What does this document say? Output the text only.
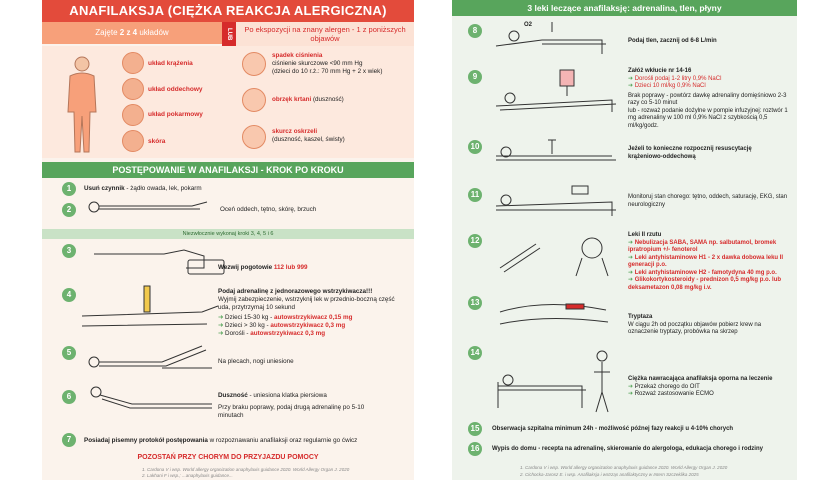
ANAFILAKSJA (CIĘŻKA REAKCJA ALERGICZNA)
Zajęte 2 z 4 układów	LUB	Po ekspozycji na znany alergen - 1 z poniższych objawów
układ krążenia
układ oddechowy
układ pokarmowy
skóra
spadek ciśnienia
ciśnienie skurczowe <90 mm Hg
(dzieci do 10 r.ż.: 70 mm Hg + 2 x wiek)
obrzęk krtani (duszność)
skurcz oskrzeli
(duszność, kaszel, świsty)
POSTĘPOWANIE W ANAFILAKSJI - KROK PO KROKU
1	Usuń czynnik - żądło owada, lek, pokarm
2	Oceń oddech, tętno, skórę, brzuch
Niezwłocznie wykonaj kroki 3, 4, 5 i 6
3
Wezwij pogotowie 112 lub 999
4	Podaj adrenalinę z jednorazowego wstrzykiwacza!!!
Wyjmij zabezpieczenie, wstrzyknij lek w przednio-boczną część uda, przytrzymaj 10 sekund
➜ Dzieci 15-30 kg - autowstrzykiwacz 0,15 mg
➜ Dzieci > 30 kg - autowstrzykiwacz 0,3 mg
➜ Dorośli - autowstrzykiwacz 0,3 mg
5
Na plecach, nogi uniesione
6	Duszność - uniesiona klatka piersiowa
Przy braku poprawy, podaj drugą adrenalinę po 5-10 minutach
7	Posiadaj pisemny protokół postępowania w rozpoznawaniu anafilaksji oraz regularnie go ćwicz
POZOSTAŃ PRZY CHORYM DO PRZYJAZDU POMOCY
1. Cardona V i wsp. World allergy organization anaphylaxis guidance 2020. World Allergy Organ J. 2020
2. Lakhani F i wsp.; ...anaphylaxis guidance...
3 leki leczące anafilaksję: adrenalina, tlen, płyny
8
O2
Podaj tlen, zacznij od 6-8 L/min
9
Załóż wkłucie nr 14-16
➜ Dorośli podaj 1-2 litry 0,9% NaCl
➜ Dzieci 10 ml/kg 0,9% NaCl
Brak poprawy - powtórz dawkę adrenaliny domięśniowo 2-3 razy co 5-10 minut
lub - rozważ podanie dożylne w pompie infuzyjnej: roztwór 1 mg adrenaliny w 100 ml 0,9% NaCl z szybkością 0,5 ml/kg/godz.
10	Jeżeli to konieczne rozpocznij resuscytację krążeniowo-oddechową
11	Monitoruj stan chorego: tętno, oddech, saturację, EKG, stan neurologiczny
12
Leki II rzutu
➜ Nebulizacja SABA, SAMA np. salbutamol, bromek ipratropium +/- fenoterol
➜ Leki antyhistaminowe H1 - 2 x dawka dobowa leku II generacji p.o.
➜ Leki antyhistaminowe H2 - famotydyna 40 mg p.o.
➜ Glikokortykosteroidy - prednizon 0,5 mg/kg p.o. lub deksametazon 0,08 mg/kg i.v.
13
Tryptaza
W ciągu 2h od początku objawów pobierz krew na oznaczenie tryptazy, probówka na skrzep
14
Ciężka nawracająca anafilaksja oporna na leczenie
➜ Przekaż chorego do OIT
➜ Rozważ zastosowanie ECMO
15	Obserwacja szpitalna minimum 24h - możliwość późnej fazy reakcji u 4-10% chorych
16	Wypis do domu - recepta na adrenalinę, skierowanie do alergologa, edukacja chorego i rodziny
1. Cardona V i wsp. World allergy organization anaphylaxis guidance 2020. World Allergy Organ J. 2020
2. Cichocka-Jarosz E. i wsp. Anafilaksja i wstrząs anafilaktyczny w Intern Szczeklika 2025
